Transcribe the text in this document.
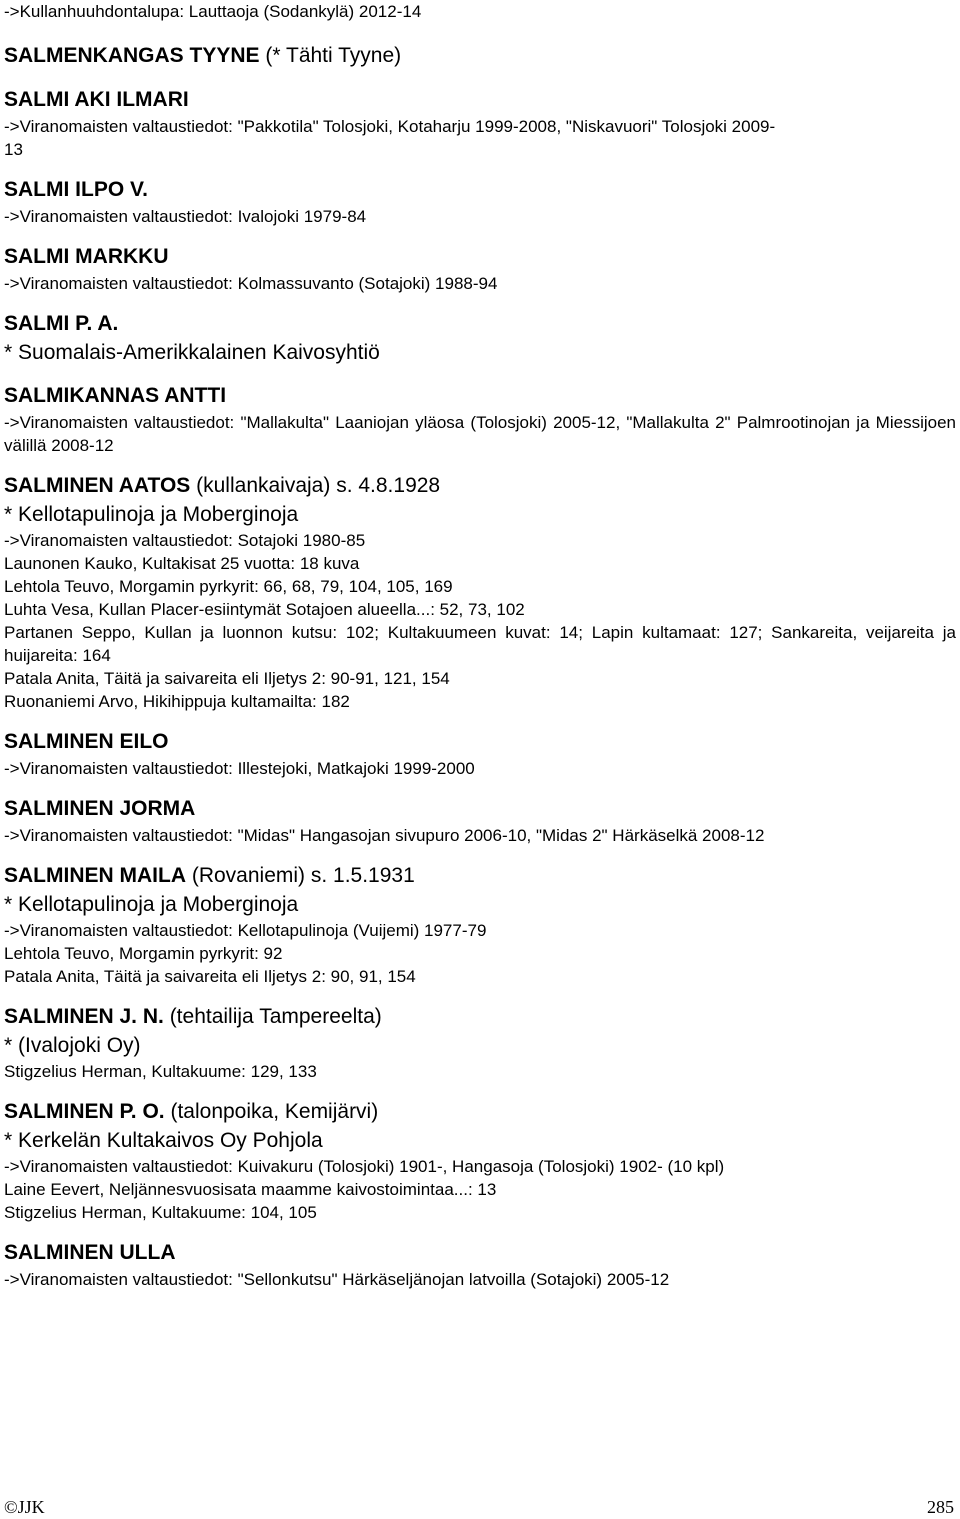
->Kullanhuuhdontalupa: Lauttaoja (Sodankylä) 2012-14
SALMENKANGAS TYYNE (* Tähti Tyyne)
SALMI AKI ILMARI
->Viranomaisten valtaustiedot: "Pakkotila" Tolosjoki, Kotaharju 1999-2008, "Niskavuori" Tolosjoki 2009-
13
SALMI ILPO V.
->Viranomaisten valtaustiedot: Ivalojoki 1979-84
SALMI MARKKU
->Viranomaisten valtaustiedot: Kolmassuvanto (Sotajoki) 1988-94
SALMI P. A.
* Suomalais-Amerikkalainen Kaivosyhtiö
SALMIKANNAS ANTTI
->Viranomaisten valtaustiedot: "Mallakulta" Laaniojan yläosa (Tolosjoki) 2005-12, "Mallakulta 2" Palmrootinojan ja Miessijoen välillä 2008-12
SALMINEN AATOS (kullankaivaja) s. 4.8.1928
* Kellotapulinoja ja Moberginoja
->Viranomaisten valtaustiedot: Sotajoki 1980-85
Launonen Kauko, Kultakisat 25 vuotta: 18 kuva
Lehtola Teuvo, Morgamin pyrkyrit: 66, 68, 79, 104, 105, 169
Luhta Vesa, Kullan Placer-esiintymät Sotajoen alueella...: 52, 73, 102
Partanen Seppo, Kullan ja luonnon kutsu: 102; Kultakuumeen kuvat: 14; Lapin kultamaat: 127; Sankareita, veijareita ja huijareita: 164
Patala Anita, Täitä ja saivareita eli Iljetys 2: 90-91, 121, 154
Ruonaniemi Arvo, Hikihippuja kultamailta: 182
SALMINEN EILO
->Viranomaisten valtaustiedot: Illestejoki, Matkajoki 1999-2000
SALMINEN JORMA
->Viranomaisten valtaustiedot: "Midas" Hangasojan sivupuro 2006-10, "Midas 2" Härkäselkä 2008-12
SALMINEN MAILA (Rovaniemi) s. 1.5.1931
* Kellotapulinoja ja Moberginoja
->Viranomaisten valtaustiedot: Kellotapulinoja (Vuijemi) 1977-79
Lehtola Teuvo, Morgamin pyrkyrit: 92
Patala Anita, Täitä ja saivareita eli Iljetys 2: 90, 91, 154
SALMINEN J. N. (tehtailija Tampereelta)
* (Ivalojoki Oy)
Stigzelius Herman, Kultakuume: 129, 133
SALMINEN P. O. (talonpoika, Kemijärvi)
* Kerkelän Kultakaivos Oy Pohjola
->Viranomaisten valtaustiedot: Kuivakuru (Tolosjoki) 1901-, Hangasoja (Tolosjoki) 1902- (10 kpl)
Laine Eevert, Neljännesvuosisata maamme kaivostoimintaa...: 13
Stigzelius Herman, Kultakuume: 104, 105
SALMINEN ULLA
->Viranomaisten valtaustiedot: "Sellonkutsu" Härkäseljänojan latvoilla (Sotajoki) 2005-12
©JJK	285
